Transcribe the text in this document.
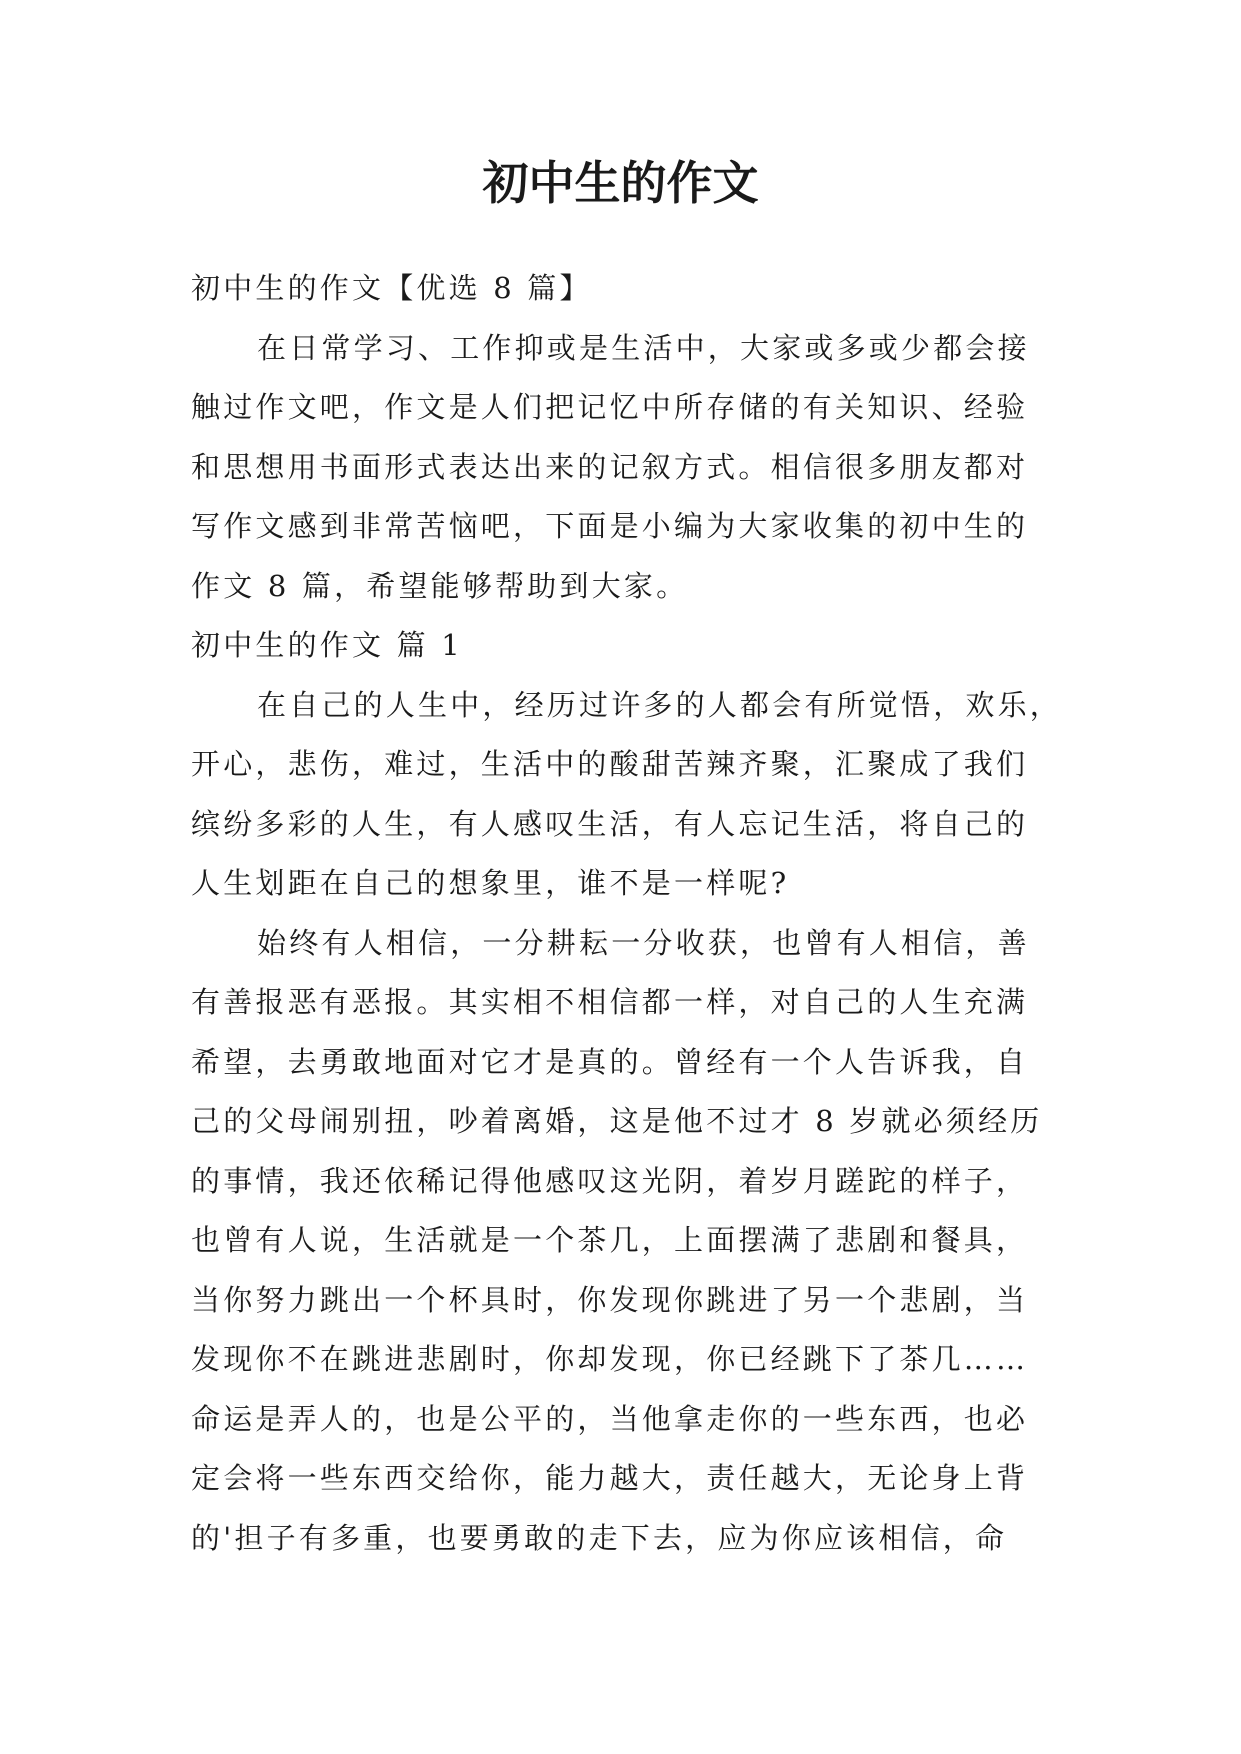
初中生的作文
初中生的作文【优选 8 篇】
在日常学习、工作抑或是生活中，大家或多或少都会接
触过作文吧，作文是人们把记忆中所存储的有关知识、经验
和思想用书面形式表达出来的记叙方式。相信很多朋友都对
写作文感到非常苦恼吧，下面是小编为大家收集的初中生的
作文 8 篇，希望能够帮助到大家。
初中生的作文 篇 1
在自己的人生中，经历过许多的人都会有所觉悟，欢乐，
开心，悲伤，难过，生活中的酸甜苦辣齐聚，汇聚成了我们
缤纷多彩的人生，有人感叹生活，有人忘记生活，将自己的
人生划距在自己的想象里，谁不是一样呢?
始终有人相信，一分耕耘一分收获，也曾有人相信，善
有善报恶有恶报。其实相不相信都一样，对自己的人生充满
希望，去勇敢地面对它才是真的。曾经有一个人告诉我，自
己的父母闹别扭，吵着离婚，这是他不过才 8 岁就必须经历
的事情，我还依稀记得他感叹这光阴，着岁月蹉跎的样子，
也曾有人说，生活就是一个茶几，上面摆满了悲剧和餐具，
当你努力跳出一个杯具时，你发现你跳进了另一个悲剧，当
发现你不在跳进悲剧时，你却发现，你已经跳下了茶几……
命运是弄人的，也是公平的，当他拿走你的一些东西，也必
定会将一些东西交给你，能力越大，责任越大，无论身上背
的'担子有多重，也要勇敢的走下去，应为你应该相信，命
